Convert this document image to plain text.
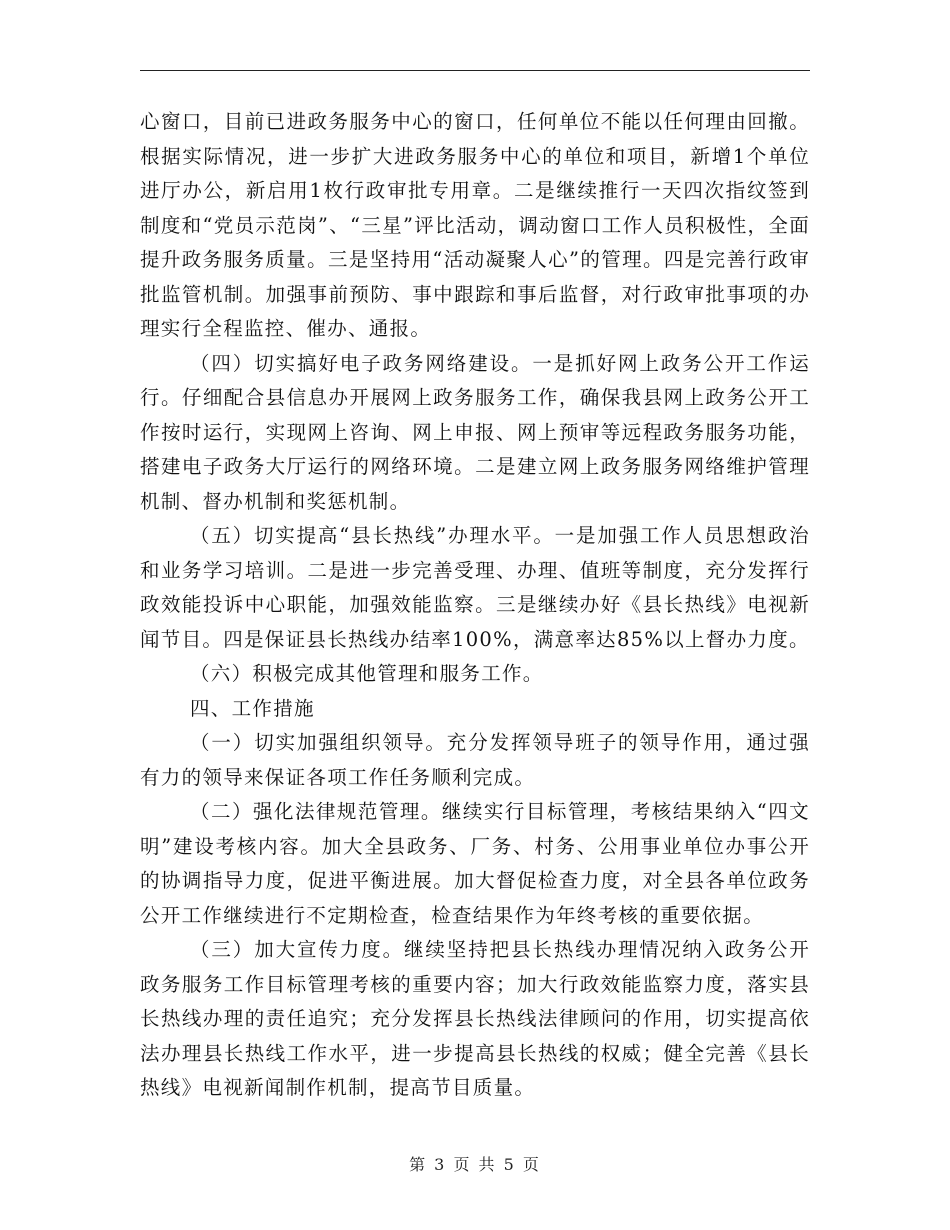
心窗口，目前已进政务服务中心的窗口，任何单位不能以任何理由回撤。根据实际情况，进一步扩大进政务服务中心的单位和项目，新增1个单位进厅办公，新启用1枚行政审批专用章。二是继续推行一天四次指纹签到制度和“党员示范岗”、“三星”评比活动，调动窗口工作人员积极性，全面提升政务服务质量。三是坚持用“活动凝聚人心”的管理。四是完善行政审批监管机制。加强事前预防、事中跟踪和事后监督，对行政审批事项的办理实行全程监控、催办、通报。

（四）切实搞好电子政务网络建设。一是抓好网上政务公开工作运行。仔细配合县信息办开展网上政务服务工作，确保我县网上政务公开工作按时运行，实现网上咨询、网上申报、网上预审等远程政务服务功能，搭建电子政务大厅运行的网络环境。二是建立网上政务服务网络维护管理机制、督办机制和奖惩机制。

（五）切实提高“县长热线”办理水平。一是加强工作人员思想政治和业务学习培训。二是进一步完善受理、办理、值班等制度，充分发挥行政效能投诉中心职能，加强效能监察。三是继续办好《县长热线》电视新闻节目。四是保证县长热线办结率100%，满意率达85%以上督办力度。

（六）积极完成其他管理和服务工作。

四、工作措施

（一）切实加强组织领导。充分发挥领导班子的领导作用，通过强有力的领导来保证各项工作任务顺利完成。

（二）强化法律规范管理。继续实行目标管理，考核结果纳入“四文明”建设考核内容。加大全县政务、厂务、村务、公用事业单位办事公开的协调指导力度，促进平衡进展。加大督促检查力度，对全县各单位政务公开工作继续进行不定期检查，检查结果作为年终考核的重要依据。

（三）加大宣传力度。继续坚持把县长热线办理情况纳入政务公开政务服务工作目标管理考核的重要内容；加大行政效能监察力度，落实县长热线办理的责任追究；充分发挥县长热线法律顾问的作用，切实提高依法办理县长热线工作水平，进一步提高县长热线的权威；健全完善《县长热线》电视新闻制作机制，提高节目质量。

第 3 页 共 5 页
